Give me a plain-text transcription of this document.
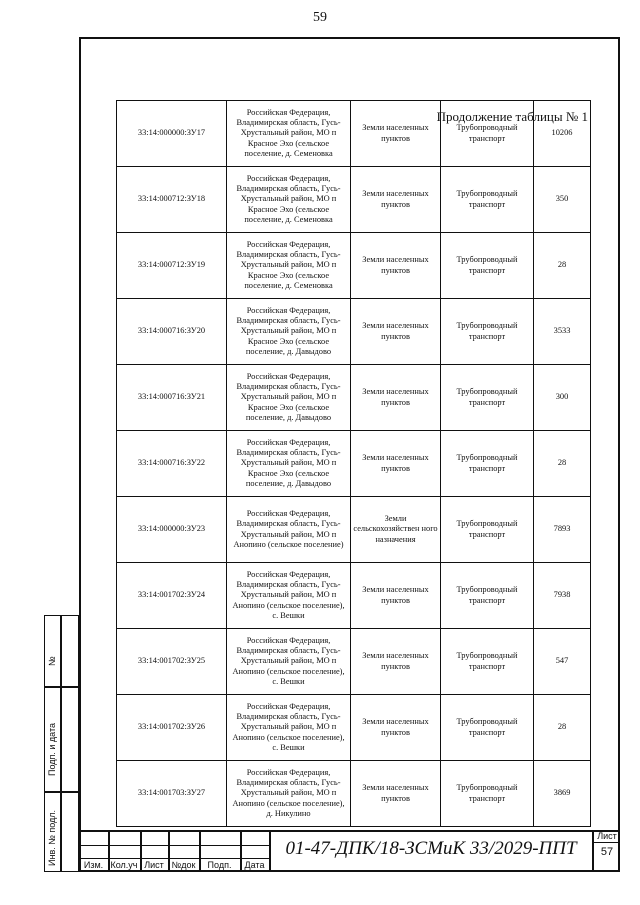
59
Продолжение таблицы № 1
33:14:000000:ЗУ17	Российская Федерация, Владимирская область, Гусь-Хрустальный район, МО п Красное Эхо (сельское поселение, д. Семеновка	Земли населенных пунктов	Трубопроводный транспорт	10206
33:14:000712:ЗУ18	Российская Федерация, Владимирская область, Гусь-Хрустальный район, МО п Красное Эхо (сельское поселение, д. Семеновка	Земли населенных пунктов	Трубопроводный транспорт	350
33:14:000712:ЗУ19	Российская Федерация, Владимирская область, Гусь-Хрустальный район, МО п Красное Эхо (сельское поселение, д. Семеновка	Земли населенных пунктов	Трубопроводный транспорт	28
33:14:000716:ЗУ20	Российская Федерация, Владимирская область, Гусь-Хрустальный район, МО п Красное Эхо (сельское поселение, д. Давыдово	Земли населенных пунктов	Трубопроводный транспорт	3533
33:14:000716:ЗУ21	Российская Федерация, Владимирская область, Гусь-Хрустальный район, МО п Красное Эхо (сельское поселение, д. Давыдово	Земли населенных пунктов	Трубопроводный транспорт	300
33:14:000716:ЗУ22	Российская Федерация, Владимирская область, Гусь-Хрустальный район, МО п Красное Эхо (сельское поселение, д. Давыдово	Земли населенных пунктов	Трубопроводный транспорт	28
33:14:000000:ЗУ23	Российская Федерация, Владимирская область, Гусь-Хрустальный район, МО п Анопино (сельское поселение)	Земли сельскохозяйствен ного назначения	Трубопроводный транспорт	7893
33:14:001702:ЗУ24	Российская Федерация, Владимирская область, Гусь-Хрустальный район, МО п Анопино (сельское поселение), с. Вешки	Земли населенных пунктов	Трубопроводный транспорт	7938
33:14:001702:ЗУ25	Российская Федерация, Владимирская область, Гусь-Хрустальный район, МО п Анопино (сельское поселение), с. Вешки	Земли населенных пунктов	Трубопроводный транспорт	547
33:14:001702:ЗУ26	Российская Федерация, Владимирская область, Гусь-Хрустальный район, МО п Анопино (сельское поселение), с. Вешки	Земли населенных пунктов	Трубопроводный транспорт	28
33:14:001703:ЗУ27	Российская Федерация, Владимирская область, Гусь-Хрустальный район, МО п Анопино (сельское поселение), д. Никулино	Земли населенных пунктов	Трубопроводный транспорт	3869
№
Подп. и дата
Инв. № подл.	Изм. Кол.уч Лист №док	Подп.	Дата
01-47-ДПК/18-ЗСМиК 33/2029-ППТ
Лист
57
